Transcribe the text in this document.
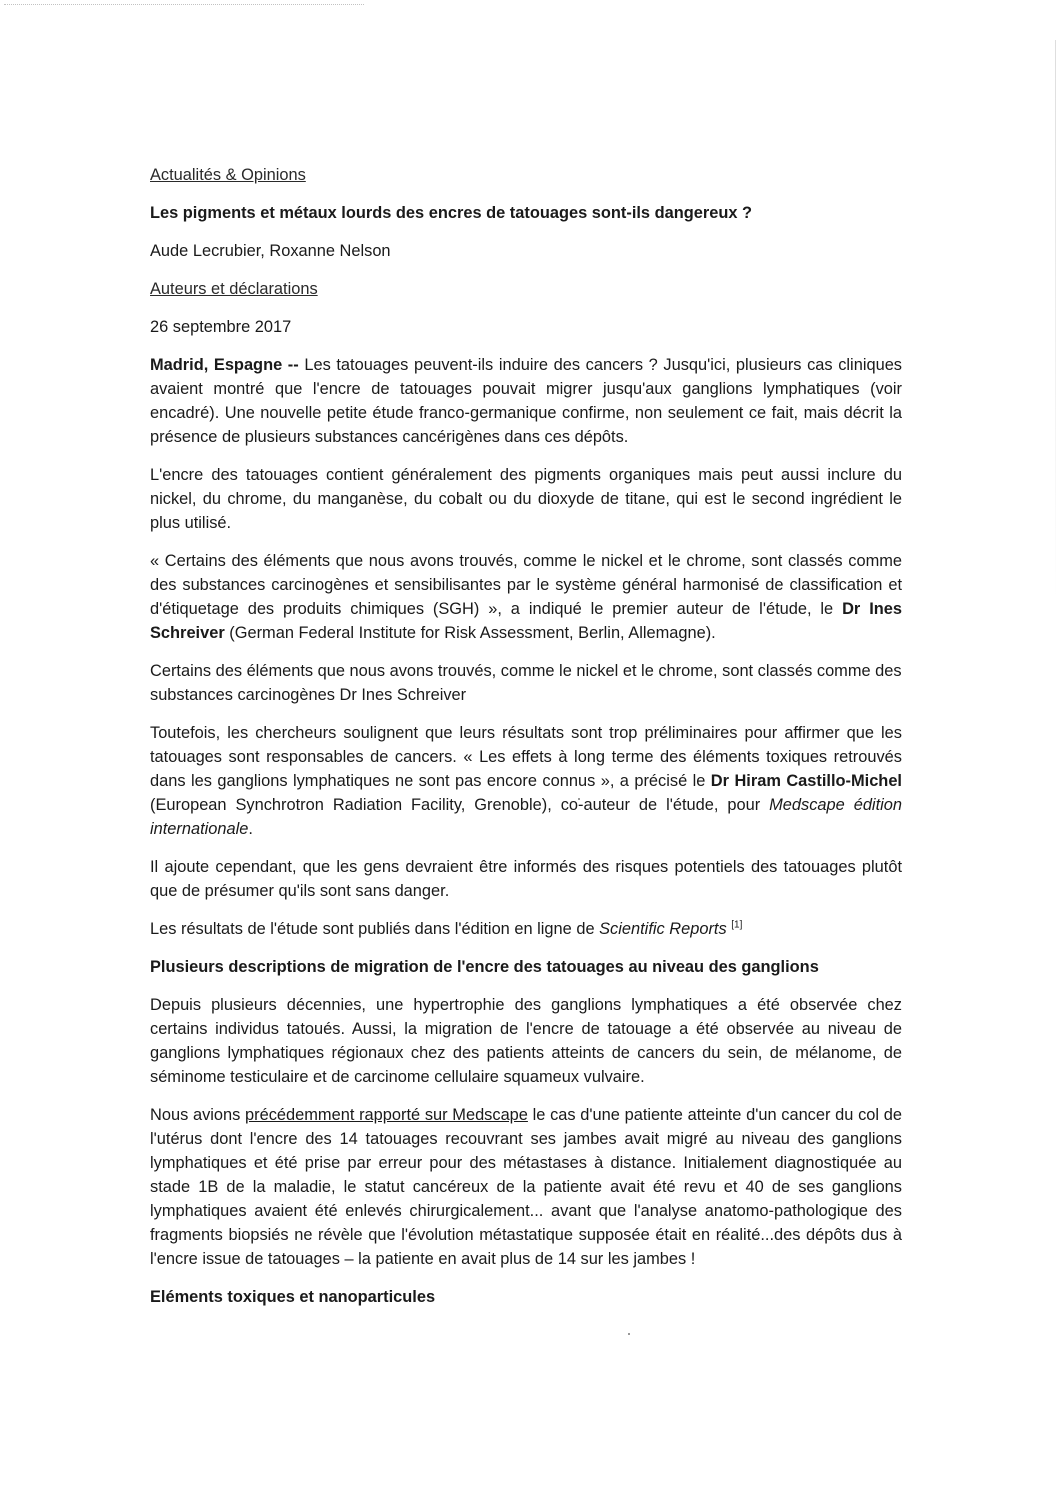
Actualités & Opinions
Les pigments et métaux lourds des encres de tatouages sont-ils dangereux ?
Aude Lecrubier, Roxanne Nelson
Auteurs et déclarations
26 septembre 2017

Madrid, Espagne -- Les tatouages peuvent-ils induire des cancers ? Jusqu'ici, plusieurs cas cliniques avaient montré que l'encre de tatouages pouvait migrer jusqu'aux ganglions lymphatiques (voir encadré). Une nouvelle petite étude franco-germanique confirme, non seulement ce fait, mais décrit la présence de plusieurs substances cancérigènes dans ces dépôts.

L'encre des tatouages contient généralement des pigments organiques mais peut aussi inclure du nickel, du chrome, du manganèse, du cobalt ou du dioxyde de titane, qui est le second ingrédient le plus utilisé.

« Certains des éléments que nous avons trouvés, comme le nickel et le chrome, sont classés comme des substances carcinogènes et sensibilisantes par le système général harmonisé de classification et d'étiquetage des produits chimiques (SGH) », a indiqué le premier auteur de l'étude, le Dr Ines Schreiver (German Federal Institute for Risk Assessment, Berlin, Allemagne).

Certains des éléments que nous avons trouvés, comme le nickel et le chrome, sont classés comme des substances carcinogènes Dr Ines Schreiver

Toutefois, les chercheurs soulignent que leurs résultats sont trop préliminaires pour affirmer que les tatouages sont responsables de cancers. « Les effets à long terme des éléments toxiques retrouvés dans les ganglions lymphatiques ne sont pas encore connus », a précisé le Dr Hiram Castillo-Michel (European Synchrotron Radiation Facility, Grenoble), co-auteur de l'étude, pour Medscape édition internationale.

Il ajoute cependant, que les gens devraient être informés des risques potentiels des tatouages plutôt que de présumer qu'ils sont sans danger.

Les résultats de l'étude sont publiés dans l'édition en ligne de Scientific Reports [1]

Plusieurs descriptions de migration de l'encre des tatouages au niveau des ganglions

Depuis plusieurs décennies, une hypertrophie des ganglions lymphatiques a été observée chez certains individus tatoués. Aussi, la migration de l'encre de tatouage a été observée au niveau de ganglions lymphatiques régionaux chez des patients atteints de cancers du sein, de mélanome, de séminome testiculaire et de carcinome cellulaire squameux vulvaire.

Nous avions précédemment rapporté sur Medscape le cas d'une patiente atteinte d'un cancer du col de l'utérus dont l'encre des 14 tatouages recouvrant ses jambes avait migré au niveau des ganglions lymphatiques et été prise par erreur pour des métastases à distance. Initialement diagnostiquée au stade 1B de la maladie, le statut cancéreux de la patiente avait été revu et 40 de ses ganglions lymphatiques avaient été enlevés chirurgicalement... avant que l'analyse anatomo-pathologique des fragments biopsiés ne révèle que l'évolution métastatique supposée était en réalité...des dépôts dus à l'encre issue de tatouages – la patiente en avait plus de 14 sur les jambes !

Eléments toxiques et nanoparticules
